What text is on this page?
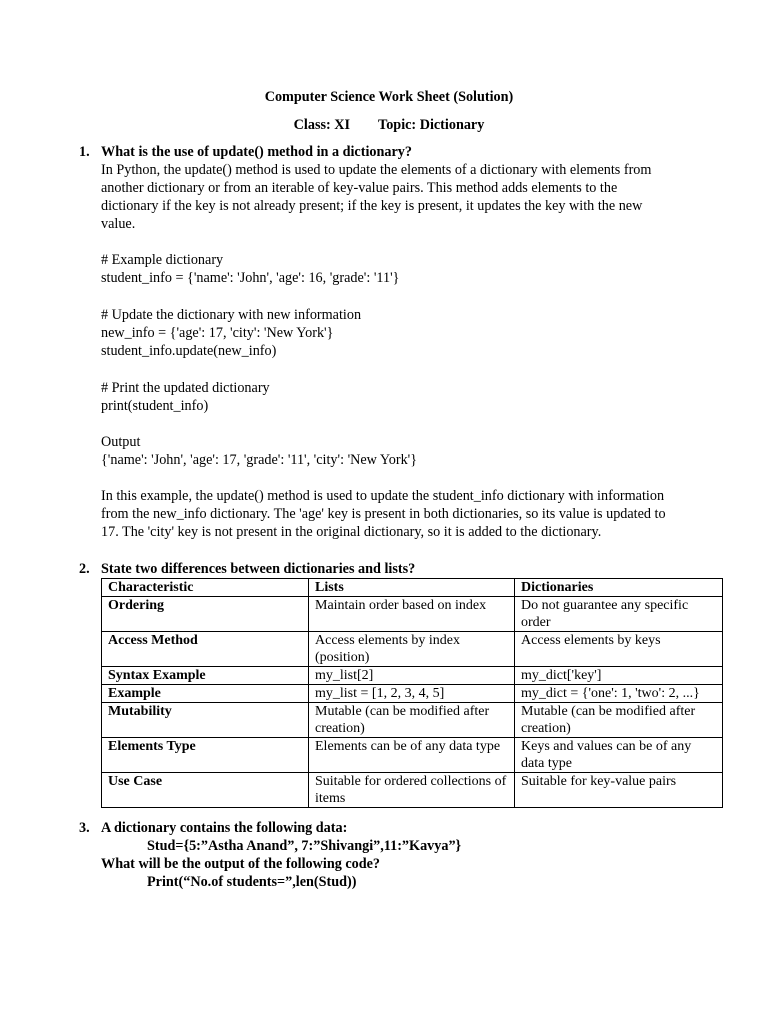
Computer Science Work Sheet (Solution)
Class: XI Topic: Dictionary
1. What is the use of update() method in a dictionary?

In Python, the update() method is used to update the elements of a dictionary with elements from

another dictionary or from an iterable of key-value pairs. This method adds elements to the

dictionary if the key is not already present; if the key is present, it updates the key with the new

value.

# Example dictionary

student_info = {'name': 'John', 'age': 16, 'grade': '11'}

# Update the dictionary with new information

new_info = {'age': 17, 'city': 'New York'}

student_info.update(new_info)

# Print the updated dictionary

print(student_info)

Output

{'name': 'John', 'age': 17, 'grade': '11', 'city': 'New York'}

In this example, the update() method is used to update the student_info dictionary with information

from the new_info dictionary. The 'age' key is present in both dictionaries, so its value is updated to

17. The 'city' key is not present in the original dictionary, so it is added to the dictionary.

2. State two differences between dictionaries and lists?
Characteristic	Lists	Dictionaries
Ordering	Maintain order based on index	Do not guarantee any specific order
Access Method	Access elements by index (position)	Access elements by keys
Syntax Example	my_list[2]	my_dict['key']
Example	my_list = [1, 2, 3, 4, 5]	my_dict = {'one': 1, 'two': 2, ...}
Mutability	Mutable (can be modified after creation)	Mutable (can be modified after creation)
Elements Type	Elements can be of any data type	Keys and values can be of any data type
Use Case	Suitable for ordered collections of items	Suitable for key-value pairs
3. A dictionary contains the following data:
Stud={5:”Astha Anand”, 7:”Shivangi”,11:”Kavya”}
What will be the output of the following code?
Print(“No.of students=”,len(Stud))
